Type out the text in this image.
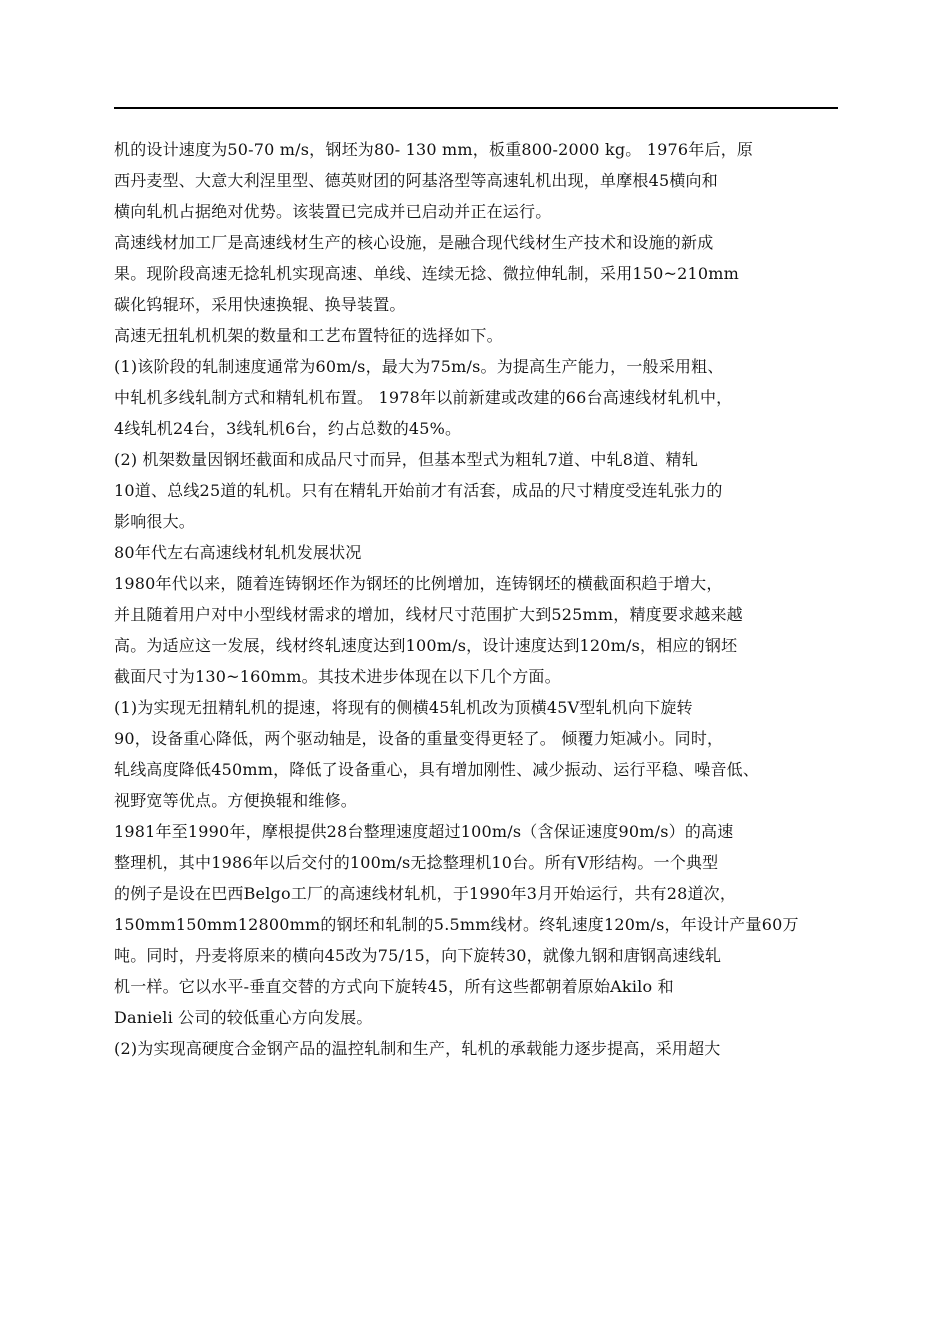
机的设计速度为50-70 m/s，钢坯为80- 130 mm，板重800-2000 kg。 1976年后，原
西丹麦型、大意大利涅里型、德英财团的阿基洛型等高速轧机出现，单摩根45横向和
横向轧机占据绝对优势。该装置已完成并已启动并正在运行。

高速线材加工厂是高速线材生产的核心设施，是融合现代线材生产技术和设施的新成
果。现阶段高速无捻轧机实现高速、单线、连续无捻、微拉伸轧制，采用150~210mm
碳化钨辊环，采用快速换辊、换导装置。

高速无扭轧机机架的数量和工艺布置特征的选择如下。

(1)该阶段的轧制速度通常为60m/s，最大为75m/s。为提高生产能力，一般采用粗、
中轧机多线轧制方式和精轧机布置。 1978年以前新建或改建的66台高速线材轧机中，
4线轧机24台，3线轧机6台，约占总数的45%。

(2) 机架数量因钢坯截面和成品尺寸而异，但基本型式为粗轧7道、中轧8道、精轧
10道、总线25道的轧机。只有在精轧开始前才有活套，成品的尺寸精度受连轧张力的
影响很大。

80年代左右高速线材轧机发展状况

1980年代以来，随着连铸钢坯作为钢坯的比例增加，连铸钢坯的横截面积趋于增大，
并且随着用户对中小型线材需求的增加，线材尺寸范围扩大到525mm，精度要求越来越
高。为适应这一发展，线材终轧速度达到100m/s，设计速度达到120m/s，相应的钢坯
截面尺寸为130~160mm。其技术进步体现在以下几个方面。

(1)为实现无扭精轧机的提速，将现有的侧横45轧机改为顶横45V型轧机向下旋转
90，设备重心降低，两个驱动轴是，设备的重量变得更轻了。 倾覆力矩减小。同时，
轧线高度降低450mm，降低了设备重心，具有增加刚性、减少振动、运行平稳、噪音低、
视野宽等优点。方便换辊和维修。

1981年至1990年，摩根提供28台整理速度超过100m/s（含保证速度90m/s）的高速
整理机，其中1986年以后交付的100m/s无捻整理机10台。所有V形结构。一个典型
的例子是设在巴西Belgo工厂的高速线材轧机，于1990年3月开始运行，共有28道次，
150mm150mm12800mm的钢坯和轧制的5.5mm线材。终轧速度120m/s，年设计产量60万
吨。同时，丹麦将原来的横向45改为75/15，向下旋转30，就像九钢和唐钢高速线轧
机一样。它以水平-垂直交替的方式向下旋转45，所有这些都朝着原始Akilo 和
Danieli 公司的较低重心方向发展。

(2)为实现高硬度合金钢产品的温控轧制和生产，轧机的承载能力逐步提高，采用超大
